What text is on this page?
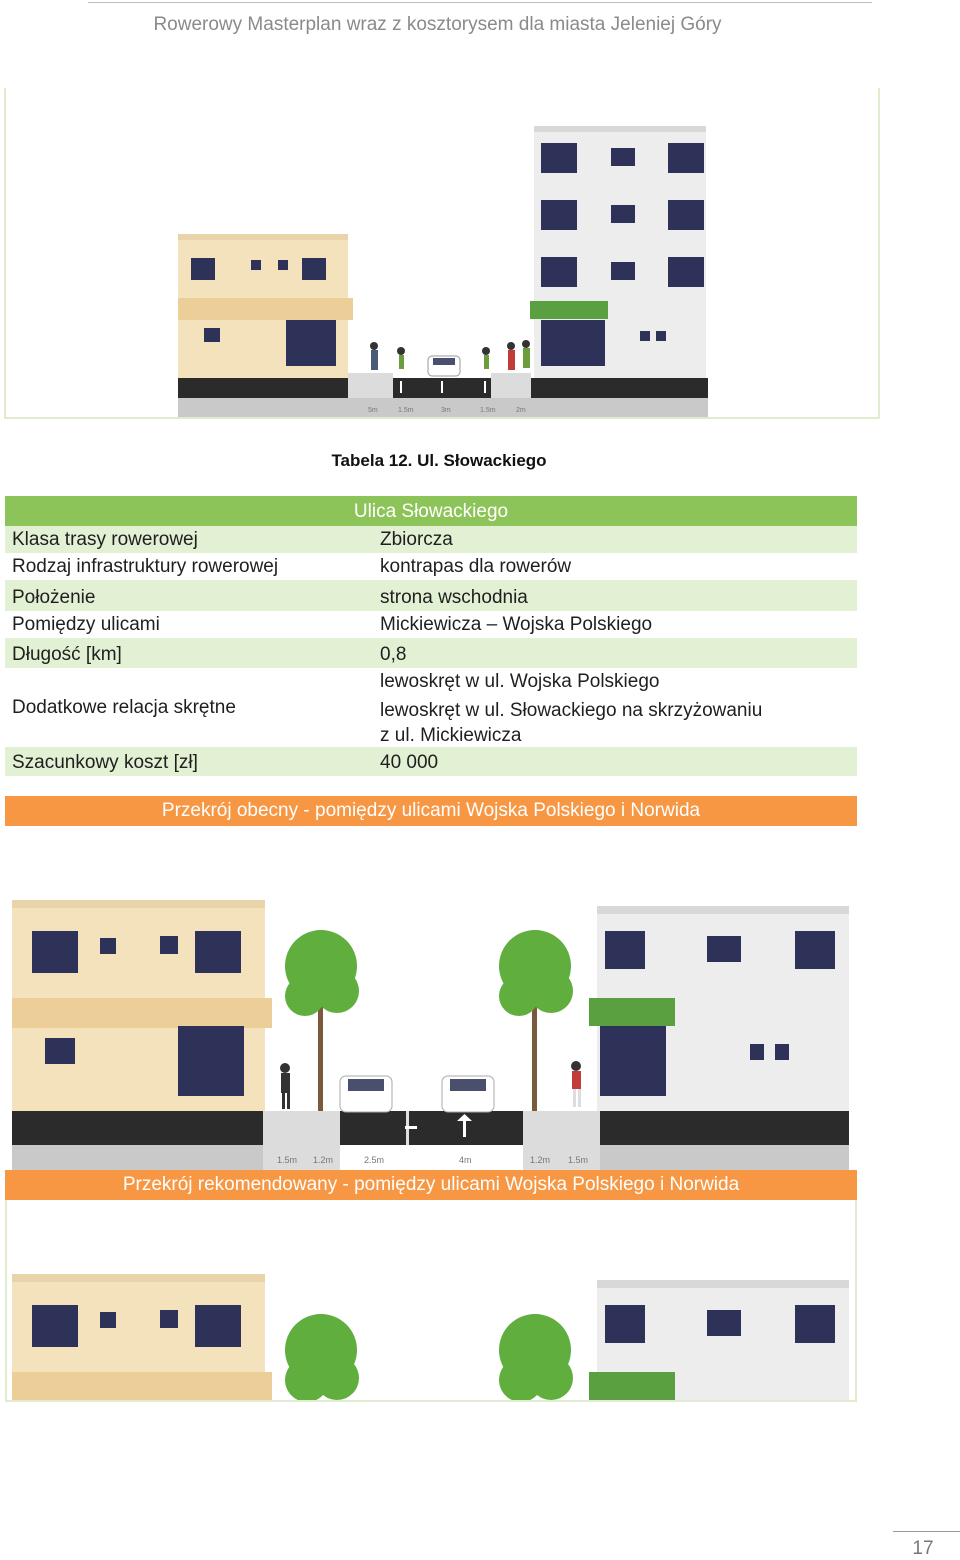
Rowerowy Masterplan wraz z kosztorysem dla miasta Jeleniej Góry
5m	1.5m	3m	1.5m	2m
Tabela 12. Ul. Słowackiego
Ulica Słowackiego	
Klasa trasy rowerowej	Zbiorcza
Rodzaj infrastruktury rowerowej	kontrapas dla rowerów
Położenie	strona wschodnia
Pomiędzy ulicami	Mickiewicza – Wojska Polskiego
Długość [km]	0,8
Dodatkowe relacja skrętne	lewoskręt w ul. Wojska Polskiego
lewoskręt w ul. Słowackiego na skrzyżowaniu
z ul. Mickiewicza

Szacunkowy koszt [zł]	40 000
Przekrój obecny - pomiędzy ulicami Wojska Polskiego i Norwida
1.5m 1.2m	2.5m	4m	1.2m 1.5m
Przekrój rekomendowany - pomiędzy ulicami Wojska Polskiego i Norwida
17
